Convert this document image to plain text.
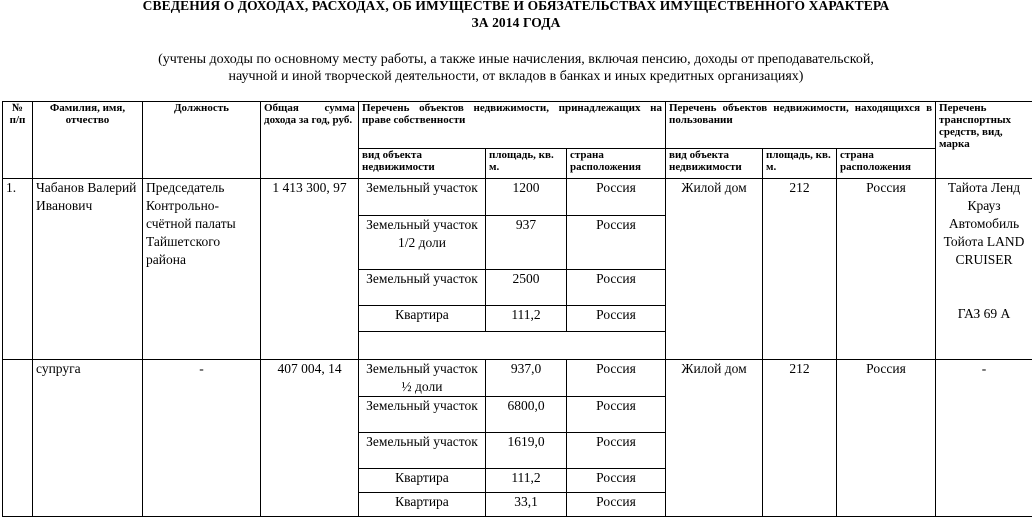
СВЕДЕНИЯ О ДОХОДАХ, РАСХОДАХ, ОБ ИМУЩЕСТВЕ И ОБЯЗАТЕЛЬСТВАХ ИМУЩЕСТВЕННОГО ХАРАКТЕРА
ЗА 2014 ГОДА
(учтены доходы по основному месту работы, а также иные начисления, включая пенсию, доходы от преподавательской,
научной и иной творческой деятельности, от вкладов в банках и иных кредитных организациях)
№ п/п	Фамилия, имя, отчество	Должность	Общая сумма дохода за год, руб.	Перечень объектов недвижимости, принадлежащих на праве собственности			Перечень объектов недвижимости, находящихся в пользовании			Перечень транспортных средств, вид, марка
				вид объекта недвижимости	площадь, кв. м.	страна расположения	вид объекта недвижимости	площадь, кв. м.	страна расположения	
1.	Чабанов Валерий Иванович	Председатель Контрольно-счётной палаты Тайшетского района	1 413 300, 97	Земельный участок	1200	Россия	Жилой дом	212	Россия	Тайота Ленд Крауз
				Земельный участок 1/2 доли	937	Россия				Автомобиль Тойота LAND CRUISER
				Земельный участок	2500	Россия				
				Квартира	111,2	Россия				ГАЗ 69 А

	супруга	-	407 004, 14	Земельный участок ½ доли	937,0	Россия	Жилой дом	212	Россия	-
				Земельный участок	6800,0	Россия				
				Земельный участок	1619,0	Россия				
				Квартира	111,2	Россия				
				Квартира	33,1	Россия				
